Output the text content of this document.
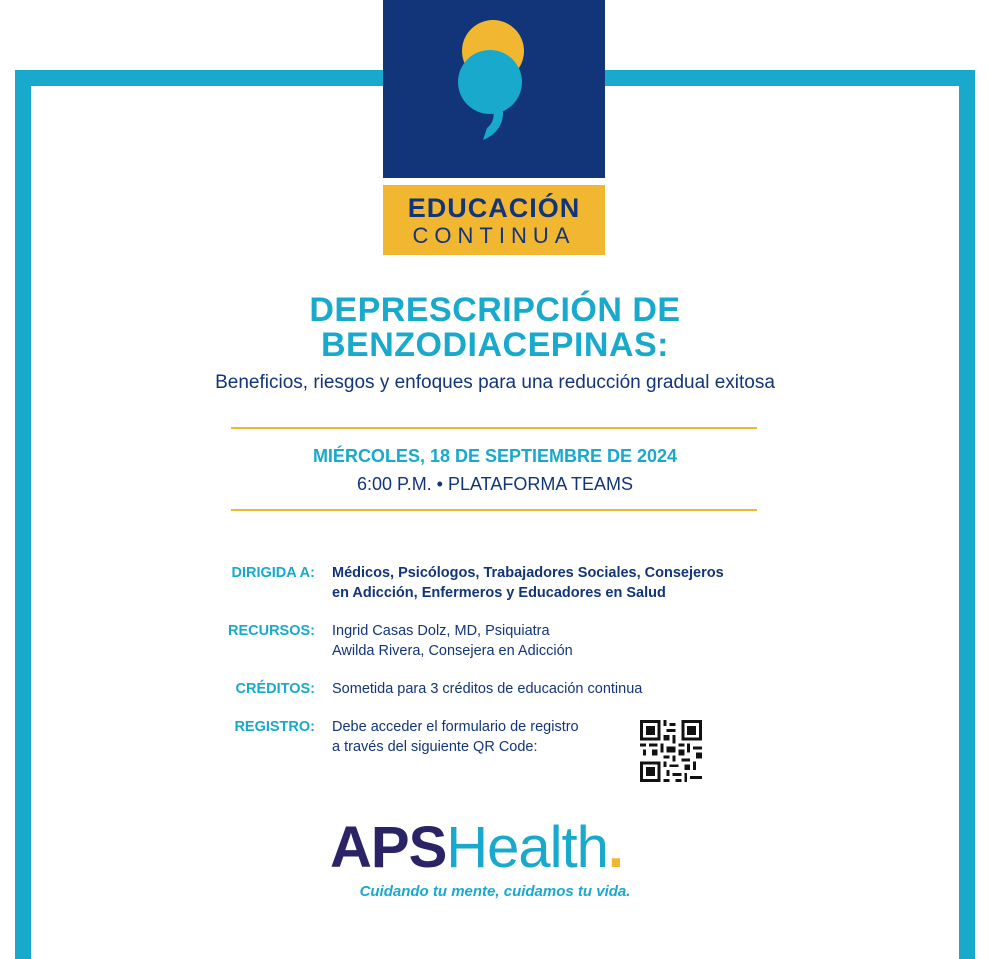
EDUCACIÓN
CONTINUA
DEPRESCRIPCIÓN DE
BENZODIACEPINAS:
Beneficios, riesgos y enfoques para una reducción gradual exitosa
MIÉRCOLES, 18 DE SEPTIEMBRE DE 2024
6:00 P.M. • PLATAFORMA TEAMS
DIRIGIDA A: Médicos, Psicólogos, Trabajadores Sociales, Consejeros
en Adicción, Enfermeros y Educadores en Salud
RECURSOS: Ingrid Casas Dolz, MD, Psiquiatra
Awilda Rivera, Consejera en Adicción
CRÉDITOS: Sometida para 3 créditos de educación continua
REGISTRO: Debe acceder el formulario de registro
a través del siguiente QR Code:
APSHealth.
Cuidando tu mente, cuidamos tu vida.
